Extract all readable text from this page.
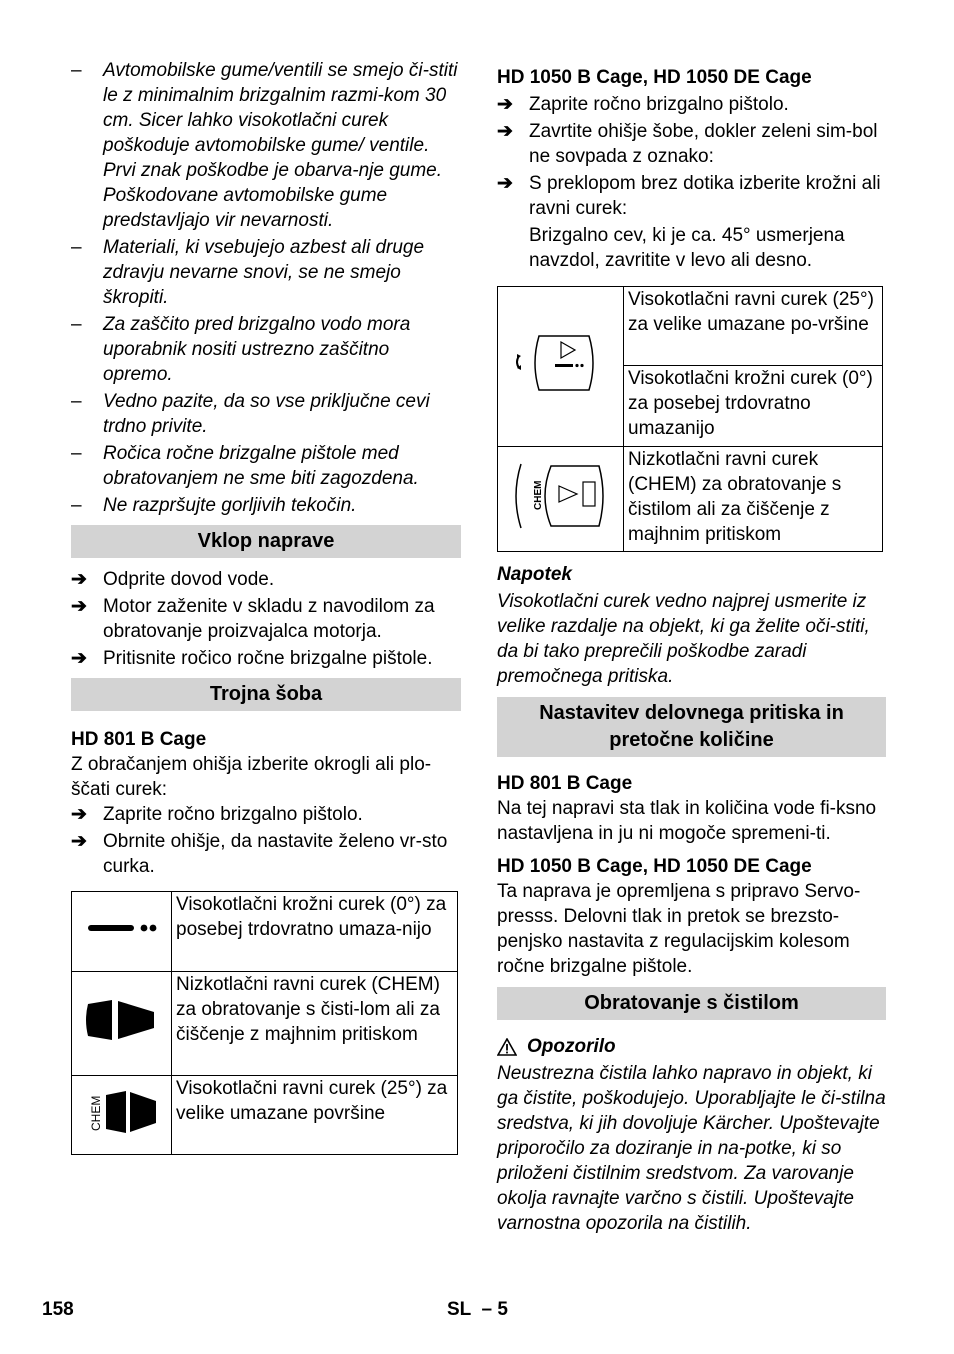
– Avtomobilske gume/ventili se smejo či-stiti le z minimalnim brizgalnim razmi-kom 30 cm. Sicer lahko visokotlačni curek poškoduje avtomobilske gume/ ventile. Prvi znak poškodbe je obarva-nje gume. Poškodovane avtomobilske gume predstavljajo vir nevarnosti.
– Materiali, ki vsebujejo azbest ali druge zdravju nevarne snovi, se ne smejo škropiti.
– Za zaščito pred brizgalno vodo mora uporabnik nositi ustrezno zaščitno opremo.
– Vedno pazite, da so vse priključne cevi trdno privite.
– Ročica ročne brizgalne pištole med obratovanjem ne sme biti zagozdena.
– Ne razpršujte gorljivih tekočin.
Vklop naprave
➔ Odprite dovod vode.
➔ Motor zaženite v skladu z navodilom za obratovanje proizvajalca motorja.
➔ Pritisnite ročico ročne brizgalne pištole.
Trojna šoba
HD 801 B Cage

Z obračanjem ohišja izberite okrogli ali plo-ščati curek:

➔ Zaprite ročno brizgalno pištolo.
➔ Obrnite ohišje, da nastavite želeno vr-sto curka.
	Visokotlačni krožni curek (0°) za posebej trdovratno umaza-nijo
	Nizkotlačni ravni curek (CHEM) za obratovanje s čisti-lom ali za čiščenje z majhnim pritiskom

CHEM	Visokotlačni ravni curek (25°) za velike umazane površine
HD 1050 B Cage, HD 1050 DE Cage
➔ Zaprite ročno brizgalno pištolo.
➔ Zavrtite ohišje šobe, dokler zeleni sim-bol ne sovpada z oznako:
➔ S preklopom brez dotika izberite krožni ali ravni curek:

Brizgalno cev, ki je ca. 45° usmerjena navzdol, zavritite v levo ali desno.

	Visokotlačni ravni curek (25°) za velike umazane po-vršine
	Visokotlačni krožni curek (0°) za posebej trdovratno umazanijo

CHEM	Nizkotlačni ravni curek (CHEM) za obratovanje s čistilom ali za čiščenje z majhnim pritiskom
Napotek

Visokotlačni curek vedno najprej usmerite iz velike razdalje na objekt, ki ga želite oči-stiti, da bi tako preprečili poškodbe zaradi premočnega pritiska.

Nastavitev delovnega pritiska in pretočne količine
HD 801 B Cage

Na tej napravi sta tlak in količina vode fi-ksno nastavljena in ju ni mogoče spremeni-ti.

HD 1050 B Cage, HD 1050 DE Cage

Ta naprava je opremljena s pripravo Servo-presss. Delovni tlak in pretok se brezsto-penjsko nastavita z regulacijskim kolesom ročne brizgalne pištole.

Obratovanje s čistilom
Opozorilo

Neustrezna čistila lahko napravo in objekt, ki ga čistite, poškodujejo. Uporabljajte le či-stilna sredstva, ki jih dovoljuje Kärcher. Upoštevajte priporočilo za doziranje in na-potke, ki so priloženi čistilnim sredstvom. Za varovanje okolja ravnajte varčno s čistili. Upoštevajte varnostna opozorila na čistilih.

158	SL  – 5
